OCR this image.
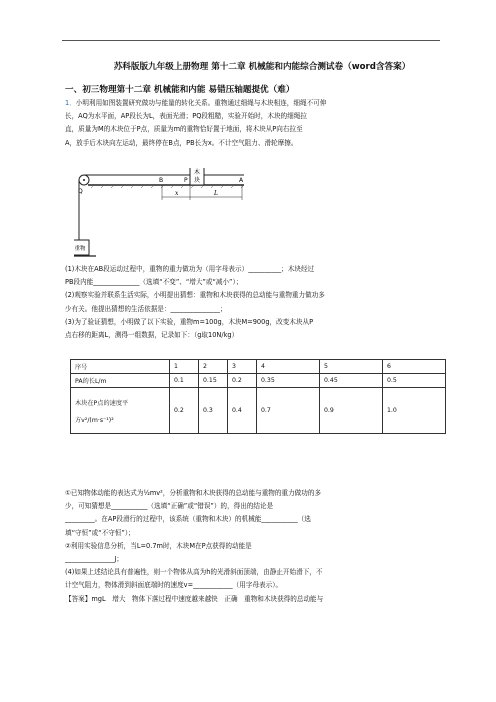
苏科版版九年级上册物理 第十二章 机械能和内能综合测试卷（word含答案）
一、初三物理第十二章 机械能和内能 易错压轴题提优（难）
1．小明利用如图装置研究做功与能量的转化关系。重物通过细绳与木块相连，细绳不可伸
长，AQ为水平面，AP段长为L，表面光滑；PQ段粗糙，实验开始时，木块的细绳拉
直，质量为M的木块位于P点，质量为m的重物恰好置于地面，将木块从P向右拉至
A，放手后木块向左运动，最终停在B点，PB长为x。不计空气阻力、滑轮摩擦。
木
块
Q
B	P	A
x	L
重物
(1)木块在AB段运动过程中，重物的重力做功为（用字母表示）__________；木块经过
PB段内能______________（选填“不变”、“增大”或“减小”）；
(2)观察实验并联系生活实际，小明提出猜想：重物和木块获得的总动能与重物重力做功多
少有关。他提出猜想的生活依据是：_______________；
(3)为了验证猜想，小明做了以下实验，重物m=100g，木块M=900g，改变木块从P
点右移的距离L，测得一组数据，记录如下：（g取10N/kg）
序号	1	2	3	4	5	6
PA的长L/m	0.1	0.15	0.2	0.35	0.45	0.5

木块在P点的速度平
方v²/(m·s⁻¹)²	0.2	0.3	0.4	0.7	0.9	1.0
①已知物体动能的表达式为½mv²，分析重物和木块获得的总动能与重物的重力做功的多
少，可知猜想是___________（选填“正确”或“错误”）的，得出的结论是
_________。在AP段滑行的过程中，该系统（重物和木块）的机械能___________（选
填“守恒”或“不守恒”）；
②利用实验信息分析，当L=0.7m时，木块M在P点获得的动能是
_______________J；
(4)如果上述结论具有普遍性，则一个物体从高为h的光滑斜面顶端，由静止开始滑下，不
计空气阻力，物体滑到斜面底端时的速度v=____________（用字母表示）。
【答案】mgL　增大　物体下落过程中速度越来越快　正确　重物和木块获得的总动能与
